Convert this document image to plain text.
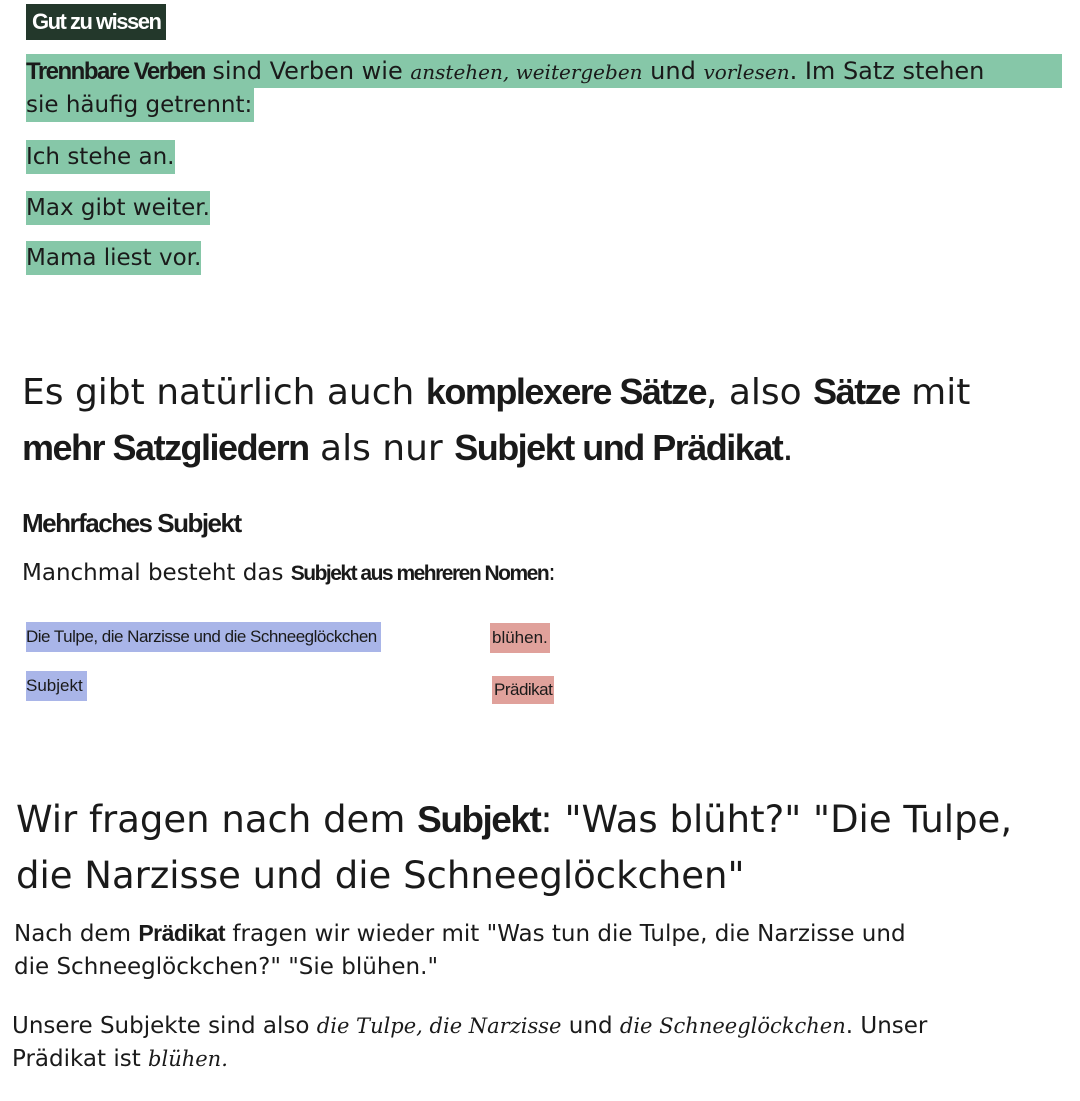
Gut zu wissen
Trennbare Verben sind Verben wie anstehen, weitergeben und vorlesen. Im Satz stehen
sie häufig getrennt:
Ich stehe an.
Max gibt weiter.
Mama liest vor.
Es gibt natürlich auch komplexere Sätze, also Sätze mit
mehr Satzgliedern als nur Subjekt und Prädikat.
Mehrfaches Subjekt
Manchmal besteht das Subjekt aus mehreren Nomen:
Die Tulpe, die Narzisse und die Schneeglöckchen	blühen.
Subjekt	Prädikat
Wir fragen nach dem Subjekt: "Was blüht?" "Die Tulpe,
die Narzisse und die Schneeglöckchen"
Nach dem Prädikat fragen wir wieder mit "Was tun die Tulpe, die Narzisse und
die Schneeglöckchen?" "Sie blühen."
Unsere Subjekte sind also die Tulpe, die Narzisse und die Schneeglöckchen. Unser
Prädikat ist blühen.
